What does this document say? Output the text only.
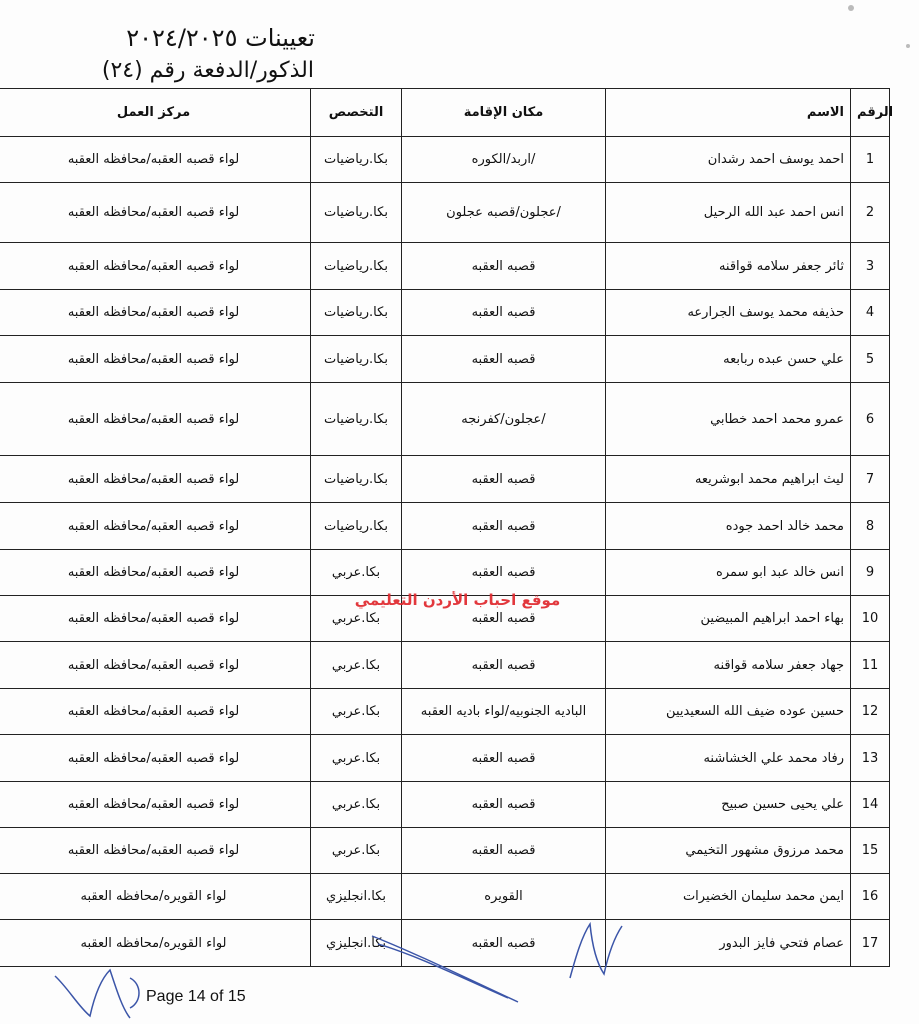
تعيينات ٢٠٢٤/٢٠٢٥
الذكور/الدفعة رقم (٢٤)
مركز العمل	التخصص	مكان الإقامة	الاسم	الرقم
لواء قصبه العقبه/محافظه العقبه	بكا.رياضيات	/اربد/الكوره	احمد يوسف احمد رشدان	1
لواء قصبه العقبه/محافظه العقبه	بكا.رياضيات	/عجلون/قصبه عجلون	انس احمد عبد الله الرحيل	2
لواء قصبه العقبه/محافظه العقبه	بكا.رياضيات	قصبه العقبه	ثائر جعفر سلامه قواقنه	3
لواء قصبه العقبه/محافظه العقبه	بكا.رياضيات	قصبه العقبه	حذيفه محمد يوسف الجرارعه	4
لواء قصبه العقبه/محافظه العقبه	بكا.رياضيات	قصبه العقبه	علي حسن عبده ربابعه	5
لواء قصبه العقبه/محافظه العقبه	بكا.رياضيات	/عجلون/كفرنجه	عمرو محمد احمد خطابي	6
لواء قصبه العقبه/محافظه العقبه	بكا.رياضيات	قصبه العقبه	ليث ابراهيم محمد ابوشريعه	7
لواء قصبه العقبه/محافظه العقبه	بكا.رياضيات	قصبه العقبه	محمد خالد احمد جوده	8
لواء قصبه العقبه/محافظه العقبه	بكا.عربي	قصبه العقبه	انس خالد عبد ابو سمره	9
لواء قصبه العقبه/محافظه العقبه	بكا.عربي	قصبه العقبه	بهاء احمد ابراهيم المبيضين	10
لواء قصبه العقبه/محافظه العقبه	بكا.عربي	قصبه العقبه	جهاد جعفر سلامه قواقنه	11
لواء قصبه العقبه/محافظه العقبه	بكا.عربي	الباديه الجنوبيه/لواء باديه العقبه	حسين عوده ضيف الله السعيديين	12
لواء قصبه العقبه/محافظه العقبه	بكا.عربي	قصبه العقبه	رفاد محمد علي الخشاشنه	13
لواء قصبه العقبه/محافظه العقبه	بكا.عربي	قصبه العقبه	علي يحيى حسين صبيح	14
لواء قصبه العقبه/محافظه العقبه	بكا.عربي	قصبه العقبه	محمد مرزوق مشهور التخيمي	15
لواء القويره/محافظه العقبه	بكا.انجليزي	القويره	ايمن محمد سليمان الخضيرات	16
لواء القويره/محافظه العقبه	بكا.انجليزي	قصبه العقبه	عصام فتحي فايز البدور	17
موقع احباب الأردن التعليمي
Page 14 of 15
